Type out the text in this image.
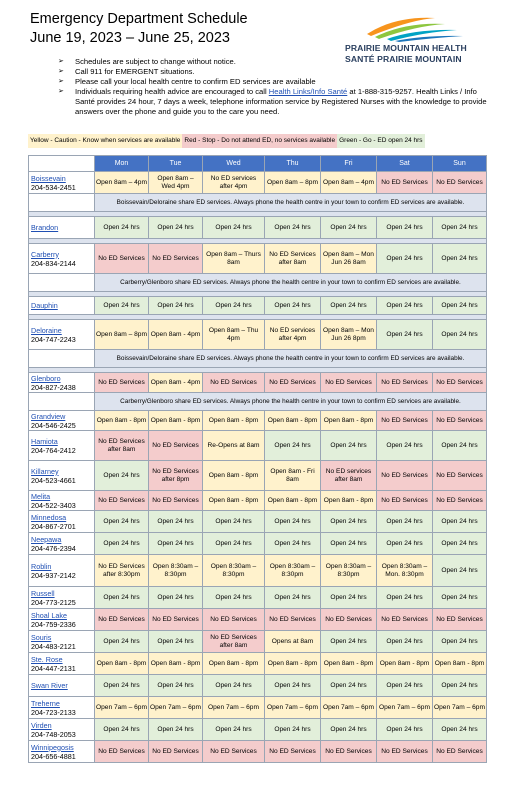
Emergency Department Schedule
June 19, 2023 – June 25, 2023
PRAIRIE MOUNTAIN HEALTH
SANTÉ PRAIRIE MOUNTAIN
➢ Schedules are subject to change without notice.
➢ Call 911 for EMERGENT situations.
➢ Please call your local health centre to confirm ED services are available
➢ Individuals requiring health advice are encouraged to call Health Links/Info Santé at 1-888-315-9257. Health Links / Info Santé provides 24 hour, 7 days a week, telephone information service by Registered Nurses with the knowledge to provide answers over the phone and guide you to the care you need.
Yellow - Caution - Know when services are available Red - Stop - Do not attend ED, no services available Green - Go - ED open 24 hrs
	Mon	Tue	Wed	Thu	Fri	Sat	Sun

Boissevain
204-534-2451	Open 8am – 4pm	Open 8am – Wed 4pm	No ED services after 4pm	Open 8am – 8pm	Open 8am – 4pm	No ED Services	No ED Services
	Boissevain/Deloraine share ED services. Always phone the health centre in your town to confirm ED services are available.						

Brandon	Open 24 hrs	Open 24 hrs	Open 24 hrs	Open 24 hrs	Open 24 hrs	Open 24 hrs	Open 24 hrs

Carberry
204-834-2144	No ED Services	No ED Services	Open 8am – Thurs 8am	No ED Services after 8am	Open 8am – Mon Jun 26 8am	Open 24 hrs	Open 24 hrs
	Carberry/Glenboro share ED services. Always phone the health centre in your town to confirm ED services are available.						

Dauphin	Open 24 hrs	Open 24 hrs	Open 24 hrs	Open 24 hrs	Open 24 hrs	Open 24 hrs	Open 24 hrs

Deloraine
204-747-2243	Open 8am – 8pm	Open 8am - 4pm	Open 8am – Thu 4pm	No ED services after 4pm	Open 8am – Mon Jun 26 8pm	Open 24 hrs	Open 24 hrs
	Boissevain/Deloraine share ED services. Always phone the health centre in your town to confirm ED services are available.						

Glenboro
204-827-2438	No ED Services	Open 8am - 4pm	No ED Services	No ED Services	No ED Services	No ED Services	No ED Services
	Carberry/Glenboro share ED services. Always phone the health centre in your town to confirm ED services are available.						

Grandview
204-546-2425	Open 8am - 8pm	Open 8am - 8pm	Open 8am - 8pm	Open 8am - 8pm	Open 8am - 8pm	No ED Services	No ED Services

Hamiota
204-764-2412	No ED Services after 8am	No ED Services	Re-Opens at 8am	Open 24 hrs	Open 24 hrs	Open 24 hrs	Open 24 hrs

Killarney
204-523-4661	Open 24 hrs	No ED Services after 8pm	Open 8am - 8pm	Open 8am - Fri 8am	No ED services after 8am	No ED Services	No ED Services

Melita
204-522-3403	No ED Services	No ED Services	Open 8am - 8pm	Open 8am - 8pm	Open 8am - 8pm	No ED Services	No ED Services

Minnedosa
204-867-2701	Open 24 hrs	Open 24 hrs	Open 24 hrs	Open 24 hrs	Open 24 hrs	Open 24 hrs	Open 24 hrs

Neepawa
204-476-2394	Open 24 hrs	Open 24 hrs	Open 24 hrs	Open 24 hrs	Open 24 hrs	Open 24 hrs	Open 24 hrs

Roblin
204-937-2142	No ED Services after 8:30pm	Open 8:30am – 8:30pm	Open 8:30am – 8:30pm	Open 8:30am – 8:30pm	Open 8:30am – 8:30pm	Open 8:30am – Mon. 8:30pm	Open 24 hrs

Russell
204-773-2125	Open 24 hrs	Open 24 hrs	Open 24 hrs	Open 24 hrs	Open 24 hrs	Open 24 hrs	Open 24 hrs

Shoal Lake
204-759-2336	No ED Services	No ED Services	No ED Services	No ED Services	No ED Services	No ED Services	No ED Services

Souris
204-483-2121	Open 24 hrs	Open 24 hrs	No ED Services after 8am	Opens at 8am	Open 24 hrs	Open 24 hrs	Open 24 hrs

Ste. Rose
204-447-2131	Open 8am - 8pm	Open 8am - 8pm	Open 8am - 8pm	Open 8am - 8pm	Open 8am - 8pm	Open 8am - 8pm	Open 8am - 8pm

Swan River	Open 24 hrs	Open 24 hrs	Open 24 hrs	Open 24 hrs	Open 24 hrs	Open 24 hrs	Open 24 hrs

Treherne
204-723-2133	Open 7am – 6pm	Open 7am – 6pm	Open 7am – 6pm	Open 7am – 6pm	Open 7am – 6pm	Open 7am – 6pm	Open 7am – 6pm

Virden
204-748-2053	Open 24 hrs	Open 24 hrs	Open 24 hrs	Open 24 hrs	Open 24 hrs	Open 24 hrs	Open 24 hrs

Winnipegosis
204-656-4881	No ED Services	No ED Services	No ED Services	No ED Services	No ED Services	No ED Services	No ED Services
